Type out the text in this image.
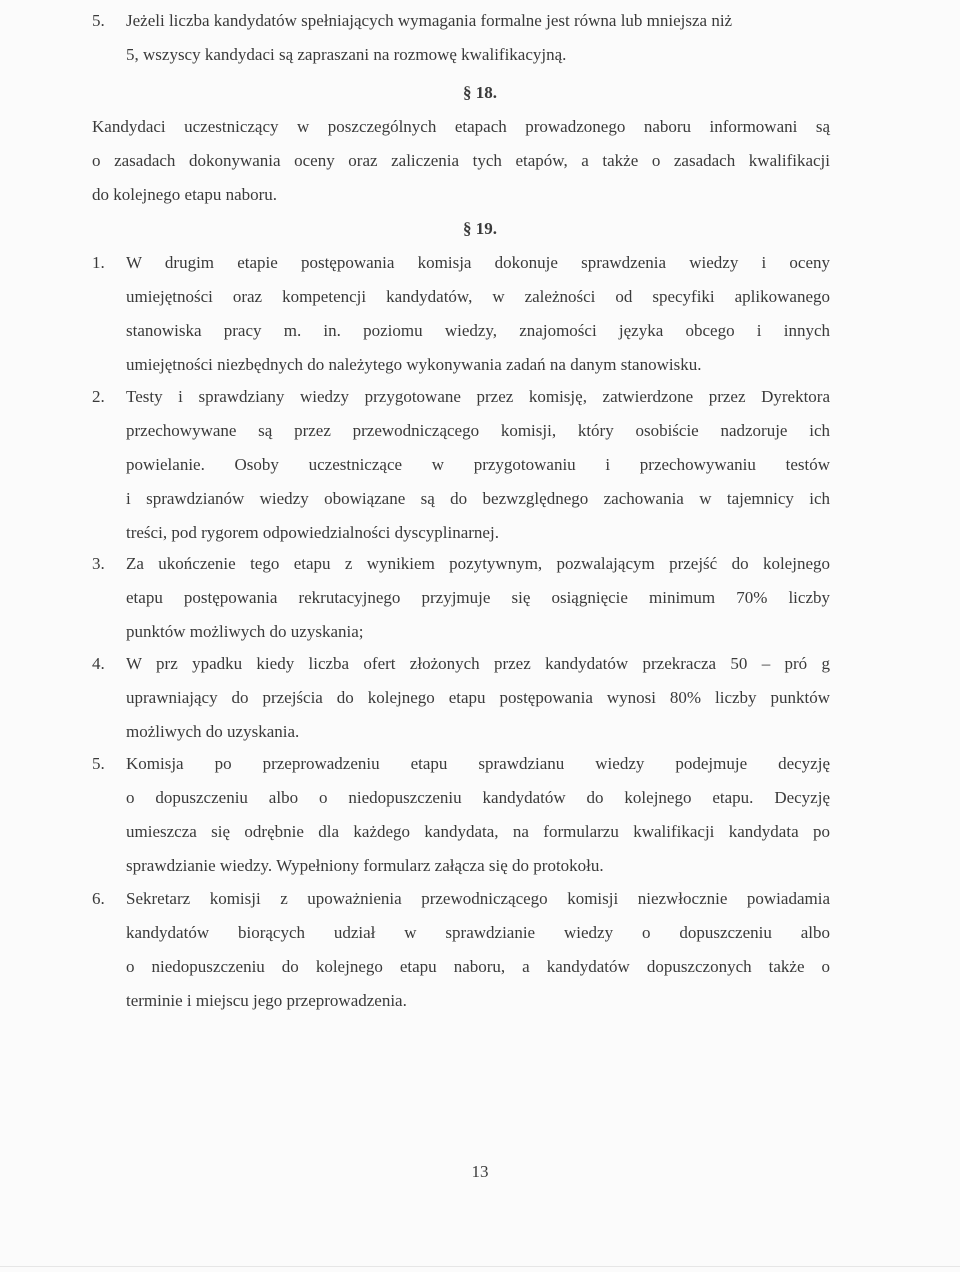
5. Jeżeli liczba kandydatów spełniających wymagania formalne jest równa lub mniejsza niż
5, wszyscy kandydaci są zapraszani na rozmowę kwalifikacyjną.
§ 18.
Kandydaci uczestniczący w poszczególnych etapach prowadzonego naboru informowani są
o zasadach dokonywania oceny oraz zaliczenia tych etapów, a także o zasadach kwalifikacji
do kolejnego etapu naboru.
§ 19.
1. W drugim etapie postępowania komisja dokonuje sprawdzenia wiedzy i oceny
umiejętności oraz kompetencji kandydatów, w zależności od specyfiki aplikowanego
stanowiska pracy m. in. poziomu wiedzy, znajomości języka obcego i innych
umiejętności niezbędnych do należytego wykonywania zadań na danym stanowisku.
2. Testy i sprawdziany wiedzy przygotowane przez komisję, zatwierdzone przez Dyrektora
przechowywane są przez przewodniczącego komisji, który osobiście nadzoruje ich
powielanie. Osoby uczestniczące w przygotowaniu i przechowywaniu testów
i sprawdzianów wiedzy obowiązane są do bezwzględnego zachowania w tajemnicy ich
treści, pod rygorem odpowiedzialności dyscyplinarnej.
3. Za ukończenie tego etapu z wynikiem pozytywnym, pozwalającym przejść do kolejnego
etapu postępowania rekrutacyjnego przyjmuje się osiągnięcie minimum 70% liczby
punktów możliwych do uzyskania;
4. W prz ypadku kiedy liczba ofert złożonych przez kandydatów przekracza 50 – pró g
uprawniający do przejścia do kolejnego etapu postępowania wynosi 80% liczby punktów
możliwych do uzyskania.
5. Komisja po przeprowadzeniu etapu sprawdzianu wiedzy podejmuje decyzję
o dopuszczeniu albo o niedopuszczeniu kandydatów do kolejnego etapu. Decyzję
umieszcza się odrębnie dla każdego kandydata, na formularzu kwalifikacji kandydata po
sprawdzianie wiedzy. Wypełniony formularz załącza się do protokołu.
6. Sekretarz komisji z upoważnienia przewodniczącego komisji niezwłocznie powiadamia
kandydatów biorących udział w sprawdzianie wiedzy o dopuszczeniu albo
o niedopuszczeniu do kolejnego etapu naboru, a kandydatów dopuszczonych także o
terminie i miejscu jego przeprowadzenia.
13
